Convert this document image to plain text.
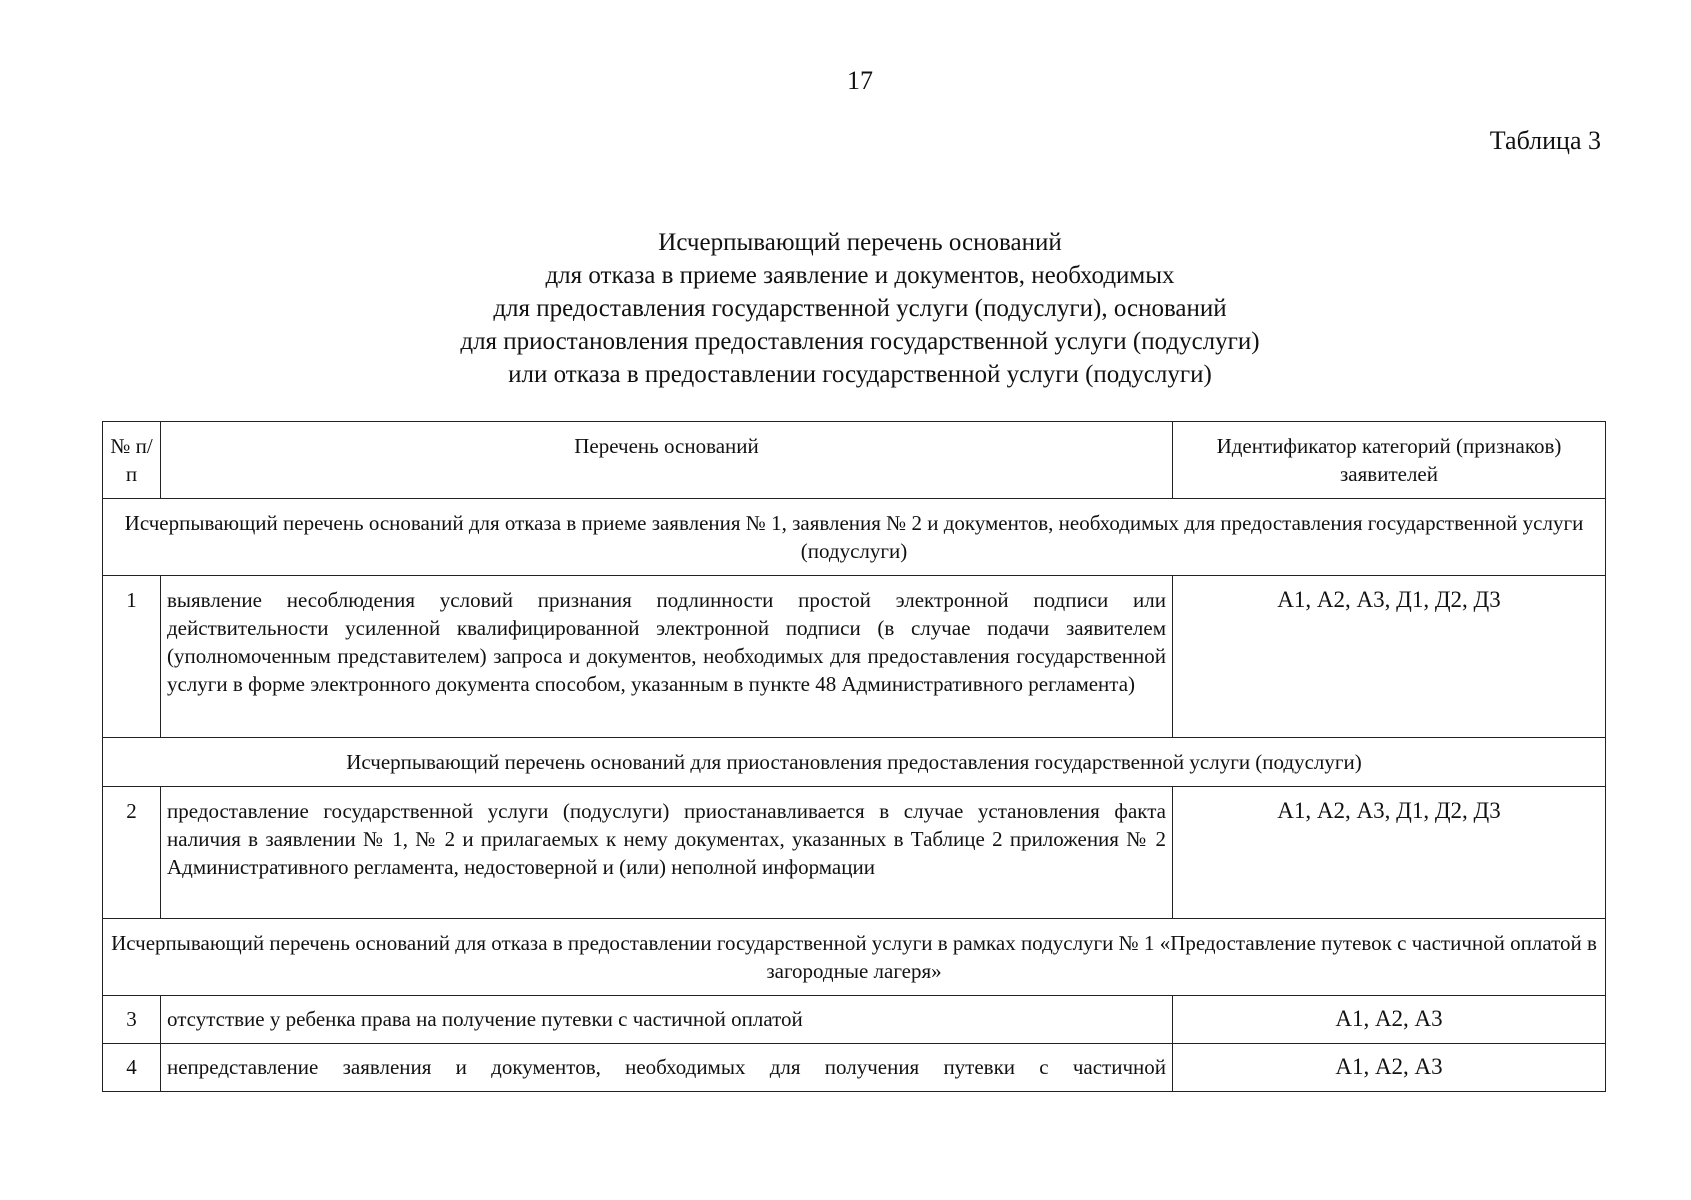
17
Таблица 3
Исчерпывающий перечень оснований
для отказа в приеме заявление и документов, необходимых
для предоставления государственной услуги (подуслуги), оснований
для приостановления предоставления государственной услуги (подуслуги)
или отказа в предоставлении государственной услуги (подуслуги)
№ п/п	Перечень оснований	Идентификатор категорий (признаков) заявителей
Исчерпывающий перечень оснований для отказа в приеме заявления № 1, заявления № 2 и документов, необходимых для предоставления государственной услуги (подуслуги)		
1	выявление несоблюдения условий признания подлинности простой электронной подписи или действительности усиленной квалифицированной электронной подписи (в случае подачи заявителем (уполномоченным представителем) запроса и документов, необходимых для предоставления государственной услуги в форме электронного документа способом, указанным в пункте 48 Административного регламента)	А1, А2, А3, Д1, Д2, Д3
Исчерпывающий перечень оснований для приостановления предоставления государственной услуги (подуслуги)		
2	предоставление государственной услуги (подуслуги) приостанавливается в случае установления факта наличия в заявлении № 1, № 2 и прилагаемых к нему документах, указанных в Таблице 2 приложения № 2 Административного регламента, недостоверной и (или) неполной информации	А1, А2, А3, Д1, Д2, Д3
Исчерпывающий перечень оснований для отказа в предоставлении государственной услуги в рамках подуслуги № 1 «Предоставление путевок с частичной оплатой в загородные лагеря»		
3	отсутствие у ребенка права на получение путевки с частичной оплатой	А1, А2, А3
4	непредставление заявления и документов, необходимых для получения путевки с частичной	А1, А2, А3
